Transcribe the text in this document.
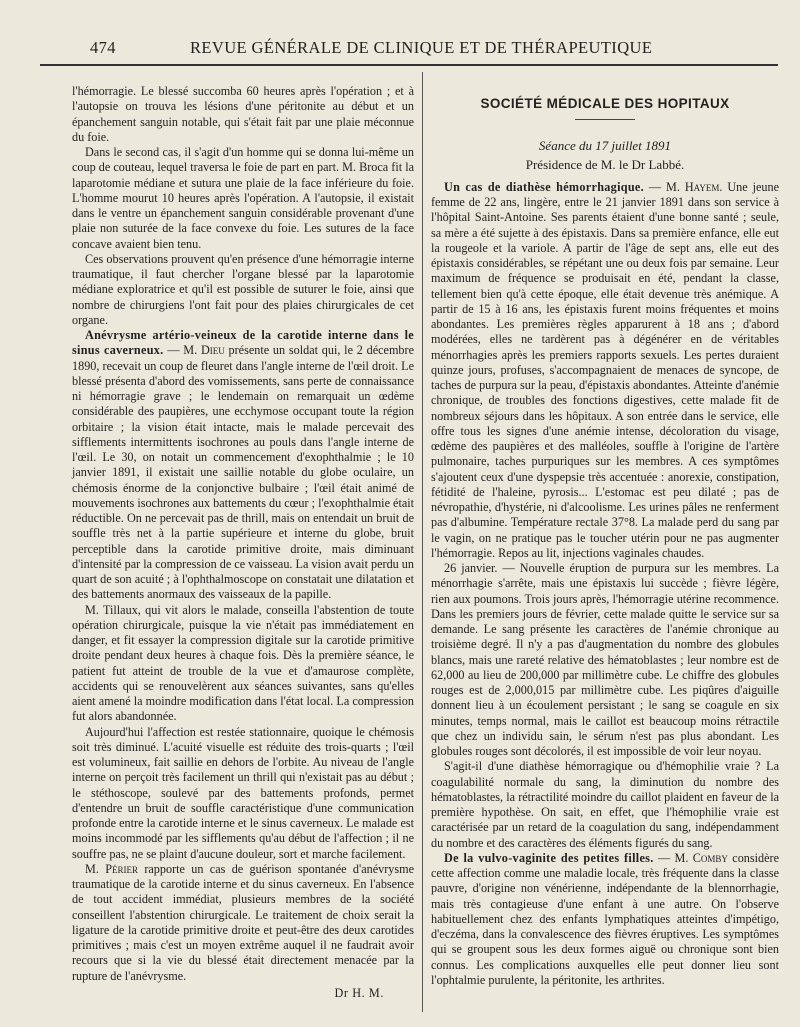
474	REVUE GÉNÉRALE DE CLINIQUE ET DE THÉRAPEUTIQUE

l'hémorragie. Le blessé succomba 60 heures après l'opération ; et à l'autopsie on trouva les lésions d'une péritonite au début et un épanchement sanguin notable, qui s'était fait par une plaie méconnue du foie.

Dans le second cas, il s'agit d'un homme qui se donna lui-même un coup de couteau, lequel traversa le foie de part en part. M. Broca fit la laparotomie médiane et sutura une plaie de la face inférieure du foie. L'homme mourut 10 heures après l'opération. A l'autopsie, il existait dans le ventre un épanchement sanguin considérable provenant d'une plaie non suturée de la face convexe du foie. Les sutures de la face concave avaient bien tenu.

Ces observations prouvent qu'en présence d'une hémorragie interne traumatique, il faut chercher l'organe blessé par la laparotomie médiane exploratrice et qu'il est possible de suturer le foie, ainsi que nombre de chirurgiens l'ont fait pour des plaies chirurgicales de cet organe.

Anévrysme artério-veineux de la carotide interne dans le sinus caverneux. — M. Dieu présente un soldat qui, le 2 décembre 1890, recevait un coup de fleuret dans l'angle interne de l'œil droit. Le blessé présenta d'abord des vomissements, sans perte de connaissance ni hémorragie grave ; le lendemain on remarquait un œdème considérable des paupières, une ecchymose occupant toute la région orbitaire ; la vision était intacte, mais le malade percevait des sifflements intermittents isochrones au pouls dans l'angle interne de l'œil. Le 30, on notait un commencement d'exophthalmie ; le 10 janvier 1891, il existait une saillie notable du globe oculaire, un chémosis énorme de la conjonctive bulbaire ; l'œil était animé de mouvements isochrones aux battements du cœur ; l'exophthalmie était réductible. On ne percevait pas de thrill, mais on entendait un bruit de souffle très net à la partie supérieure et interne du globe, bruit perceptible dans la carotide primitive droite, mais diminuant d'intensité par la compression de ce vaisseau. La vision avait perdu un quart de son acuité ; à l'ophthalmoscope on constatait une dilatation et des battements anormaux des vaisseaux de la papille.

M. Tillaux, qui vit alors le malade, conseilla l'abstention de toute opération chirurgicale, puisque la vie n'était pas immédiatement en danger, et fit essayer la compression digitale sur la carotide primitive droite pendant deux heures à chaque fois. Dès la première séance, le patient fut atteint de trouble de la vue et d'amaurose complète, accidents qui se renouvelèrent aux séances suivantes, sans qu'elles aient amené la moindre modification dans l'état local. La compression fut alors abandonnée.

Aujourd'hui l'affection est restée stationnaire, quoique le chémosis soit très diminué. L'acuité visuelle est réduite des trois-quarts ; l'œil est volumineux, fait saillie en dehors de l'orbite. Au niveau de l'angle interne on perçoit très facilement un thrill qui n'existait pas au début ; le stéthoscope, soulevé par des battements profonds, permet d'entendre un bruit de souffle caractéristique d'une communication profonde entre la carotide interne et le sinus caverneux. Le malade est moins incommodé par les sifflements qu'au début de l'affection ; il ne souffre pas, ne se plaint d'aucune douleur, sort et marche facilement.

M. Périer rapporte un cas de guérison spontanée d'anévrysme traumatique de la carotide interne et du sinus caverneux. En l'absence de tout accident immédiat, plusieurs membres de la société conseillent l'abstention chirurgicale. Le traitement de choix serait la ligature de la carotide primitive droite et peut-être des deux carotides primitives ; mais c'est un moyen extrême auquel il ne faudrait avoir recours que si la vie du blessé était directement menacée par la rupture de l'anévrysme.

Dr H. M.
SOCIÉTÉ MÉDICALE DES HOPITAUX
Séance du 17 juillet 1891
Présidence de M. le Dr Labbé.

Un cas de diathèse hémorrhagique. — M. Hayem. Une jeune femme de 22 ans, lingère, entre le 21 janvier 1891 dans son service à l'hôpital Saint-Antoine. Ses parents étaient d'une bonne santé ; seule, sa mère a été sujette à des épistaxis. Dans sa première enfance, elle eut la rougeole et la variole. A partir de l'âge de sept ans, elle eut des épistaxis considérables, se répétant une ou deux fois par semaine. Leur maximum de fréquence se produisait en été, pendant la classe, tellement bien qu'à cette époque, elle était devenue très anémique. A partir de 15 à 16 ans, les épistaxis furent moins fréquentes et moins abondantes. Les premières règles apparurent à 18 ans ; d'abord modérées, elles ne tardèrent pas à dégénérer en de véritables ménorrhagies après les premiers rapports sexuels. Les pertes duraient quinze jours, profuses, s'accompagnaient de menaces de syncope, de taches de purpura sur la peau, d'épistaxis abondantes. Atteinte d'anémie chronique, de troubles des fonctions digestives, cette malade fit de nombreux séjours dans les hôpitaux. A son entrée dans le service, elle offre tous les signes d'une anémie intense, décoloration du visage, œdème des paupières et des malléoles, souffle à l'origine de l'artère pulmonaire, taches purpuriques sur les membres. A ces symptômes s'ajoutent ceux d'une dyspepsie très accentuée : anorexie, constipation, fétidité de l'haleine, pyrosis... L'estomac est peu dilaté ; pas de névropathie, d'hystérie, ni d'alcoolisme. Les urines pâles ne renferment pas d'albumine. Température rectale 37°8. La malade perd du sang par le vagin, on ne pratique pas le toucher utérin pour ne pas augmenter l'hémorragie. Repos au lit, injections vaginales chaudes.

26 janvier. — Nouvelle éruption de purpura sur les membres. La ménorrhagie s'arrête, mais une épistaxis lui succède ; fièvre légère, rien aux poumons. Trois jours après, l'hémorragie utérine recommence. Dans les premiers jours de février, cette malade quitte le service sur sa demande. Le sang présente les caractères de l'anémie chronique au troisième degré. Il n'y a pas d'augmentation du nombre des globules blancs, mais une rareté relative des hématoblastes ; leur nombre est de 62,000 au lieu de 200,000 par millimètre cube. Le chiffre des globules rouges est de 2,000,015 par millimètre cube. Les piqûres d'aiguille donnent lieu à un écoulement persistant ; le sang se coagule en six minutes, temps normal, mais le caillot est beaucoup moins rétractile que chez un individu sain, le sérum n'est pas plus abondant. Les globules rouges sont décolorés, il est impossible de voir leur noyau.

S'agit-il d'une diathèse hémorragique ou d'hémophilie vraie ? La coagulabilité normale du sang, la diminution du nombre des hématoblastes, la rétractilité moindre du caillot plaident en faveur de la première hypothèse. On sait, en effet, que l'hémophilie vraie est caractérisée par un retard de la coagulation du sang, indépendamment du nombre et des caractères des éléments figurés du sang.

De la vulvo-vaginite des petites filles. — M. Comby considère cette affection comme une maladie locale, très fréquente dans la classe pauvre, d'origine non vénérienne, indépendante de la blennorrhagie, mais très contagieuse d'une enfant à une autre. On l'observe habituellement chez des enfants lymphatiques atteintes d'impétigo, d'eczéma, dans la convalescence des fièvres éruptives. Les symptômes qui se groupent sous les deux formes aiguë ou chronique sont bien connus. Les complications auxquelles elle peut donner lieu sont l'ophtalmie purulente, la péritonite, les arthrites.
